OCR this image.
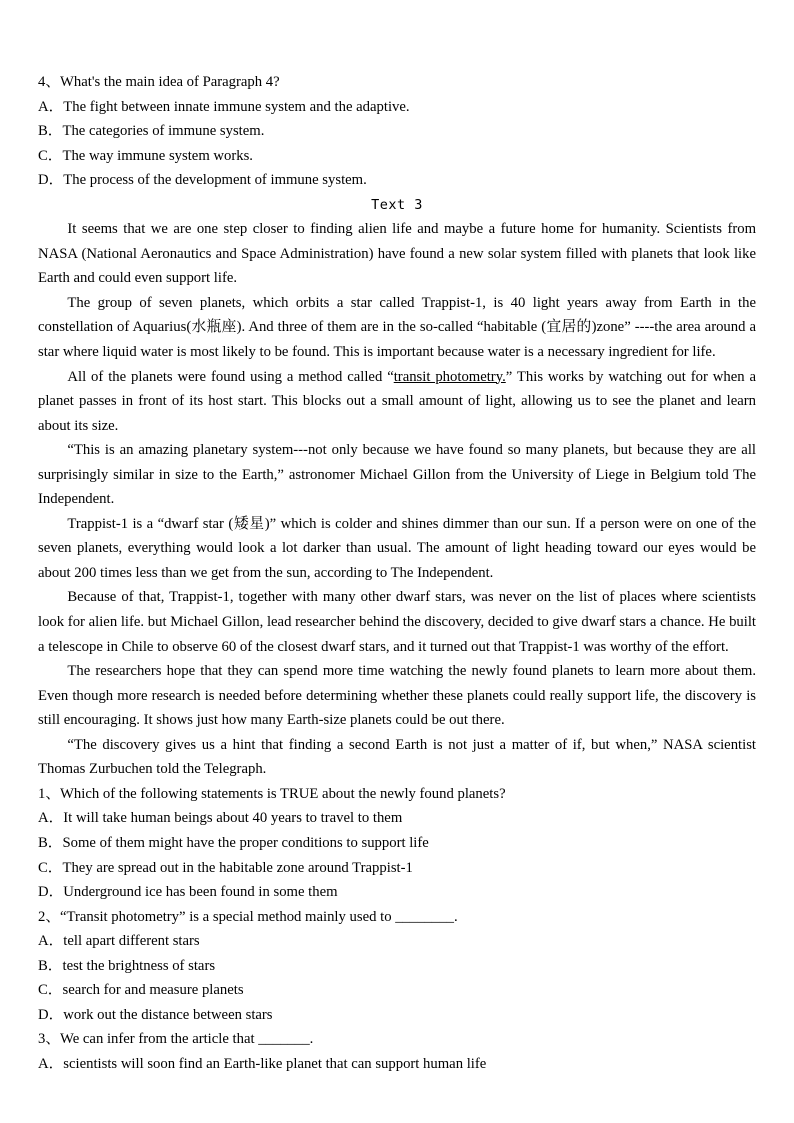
4、What's the main idea of Paragraph 4?
A．The fight between innate immune system and the adaptive.
B．The categories of immune system.
C．The way immune system works.
D．The process of the development of immune system.
Text 3

It seems that we are one step closer to finding alien life and maybe a future home for humanity. Scientists from NASA (National Aeronautics and Space Administration) have found a new solar system filled with planets that look like Earth and could even support life.

The group of seven planets, which orbits a star called Trappist-1, is 40 light years away from Earth in the constellation of Aquarius(水瓶座). And three of them are in the so-called “habitable (宜居的)zone” ----the area around a star where liquid water is most likely to be found. This is important because water is a necessary ingredient for life.

All of the planets were found using a method called “transit photometry.” This works by watching out for when a planet passes in front of its host start. This blocks out a small amount of light, allowing us to see the planet and learn about its size.

“This is an amazing planetary system---not only because we have found so many planets, but because they are all surprisingly similar in size to the Earth,” astronomer Michael Gillon from the University of Liege in Belgium told The Independent.

Trappist-1 is a “dwarf star (矮星)” which is colder and shines dimmer than our sun. If a person were on one of the seven planets, everything would look a lot darker than usual. The amount of light heading toward our eyes would be about 200 times less than we get from the sun, according to The Independent.

Because of that, Trappist-1, together with many other dwarf stars, was never on the list of places where scientists look for alien life. but Michael Gillon, lead researcher behind the discovery, decided to give dwarf stars a chance. He built a telescope in Chile to observe 60 of the closest dwarf stars, and it turned out that Trappist-1 was worthy of the effort.

The researchers hope that they can spend more time watching the newly found planets to learn more about them. Even though more research is needed before determining whether these planets could really support life, the discovery is still encouraging. It shows just how many Earth-size planets could be out there.

“The discovery gives us a hint that finding a second Earth is not just a matter of if, but when,” NASA scientist Thomas Zurbuchen told the Telegraph.

1、Which of the following statements is TRUE about the newly found planets?
A．It will take human beings about 40 years to travel to them
B．Some of them might have the proper conditions to support life
C．They are spread out in the habitable zone around Trappist-1
D．Underground ice has been found in some them
2、“Transit photometry” is a special method mainly used to ________.
A．tell apart different stars
B．test the brightness of stars
C．search for and measure planets
D．work out the distance between stars
3、We can infer from the article that _______.
A．scientists will soon find an Earth-like planet that can support human life
